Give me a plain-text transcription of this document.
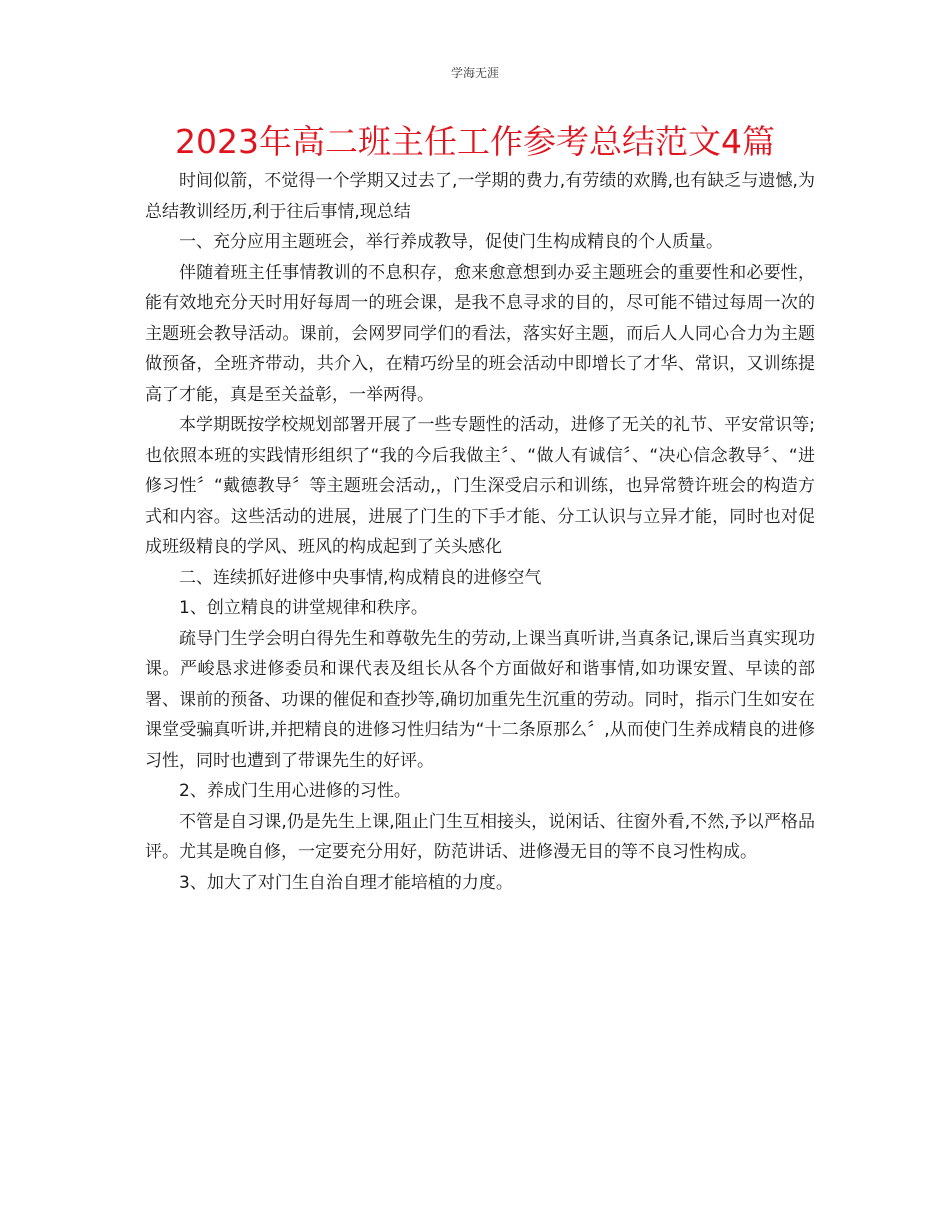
学海无涯
2023年高二班主任工作参考总结范文4篇

时间似箭，不觉得一个学期又过去了,一学期的费力,有劳绩的欢腾,也有缺乏与遗憾,为总结教训经历,利于往后事情,现总结

一、充分应用主题班会，举行养成教导，促使门生构成精良的个人质量。

伴随着班主任事情教训的不息积存，愈来愈意想到办妥主题班会的重要性和必要性，能有效地充分天时用好每周一的班会课，是我不息寻求的目的，尽可能不错过每周一次的主题班会教导活动。课前，会网罗同学们的看法，落实好主题，而后人人同心合力为主题做预备，全班齐带动，共介入，在精巧纷呈的班会活动中即增长了才华、常识，又训练提高了才能，真是至关益彰，一举两得。

本学期既按学校规划部署开展了一些专题性的活动，进修了无关的礼节、平安常识等;也依照本班的实践情形组织了“我的今后我做主〞、“做人有诚信〞、“决心信念教导〞、“进修习性〞“戴德教导〞等主题班会活动,，门生深受启示和训练，也异常赞许班会的构造方式和内容。这些活动的进展，进展了门生的下手才能、分工认识与立异才能，同时也对促成班级精良的学风、班风的构成起到了关头感化

二、连续抓好进修中央事情,构成精良的进修空气

1、创立精良的讲堂规律和秩序。

疏导门生学会明白得先生和尊敬先生的劳动,上课当真听讲,当真条记,课后当真实现功课。严峻恳求进修委员和课代表及组长从各个方面做好和谐事情,如功课安置、早读的部署、课前的预备、功课的催促和查抄等,确切加重先生沉重的劳动。同时，指示门生如安在课堂受骗真听讲,并把精良的进修习性归结为“十二条原那么〞,从而使门生养成精良的进修习性，同时也遭到了带课先生的好评。

2、养成门生用心进修的习性。

不管是自习课,仍是先生上课,阻止门生互相接头，说闲话、往窗外看,不然,予以严格品评。尤其是晚自修，一定要充分用好，防范讲话、进修漫无目的等不良习性构成。

3、加大了对门生自治自理才能培植的力度。
